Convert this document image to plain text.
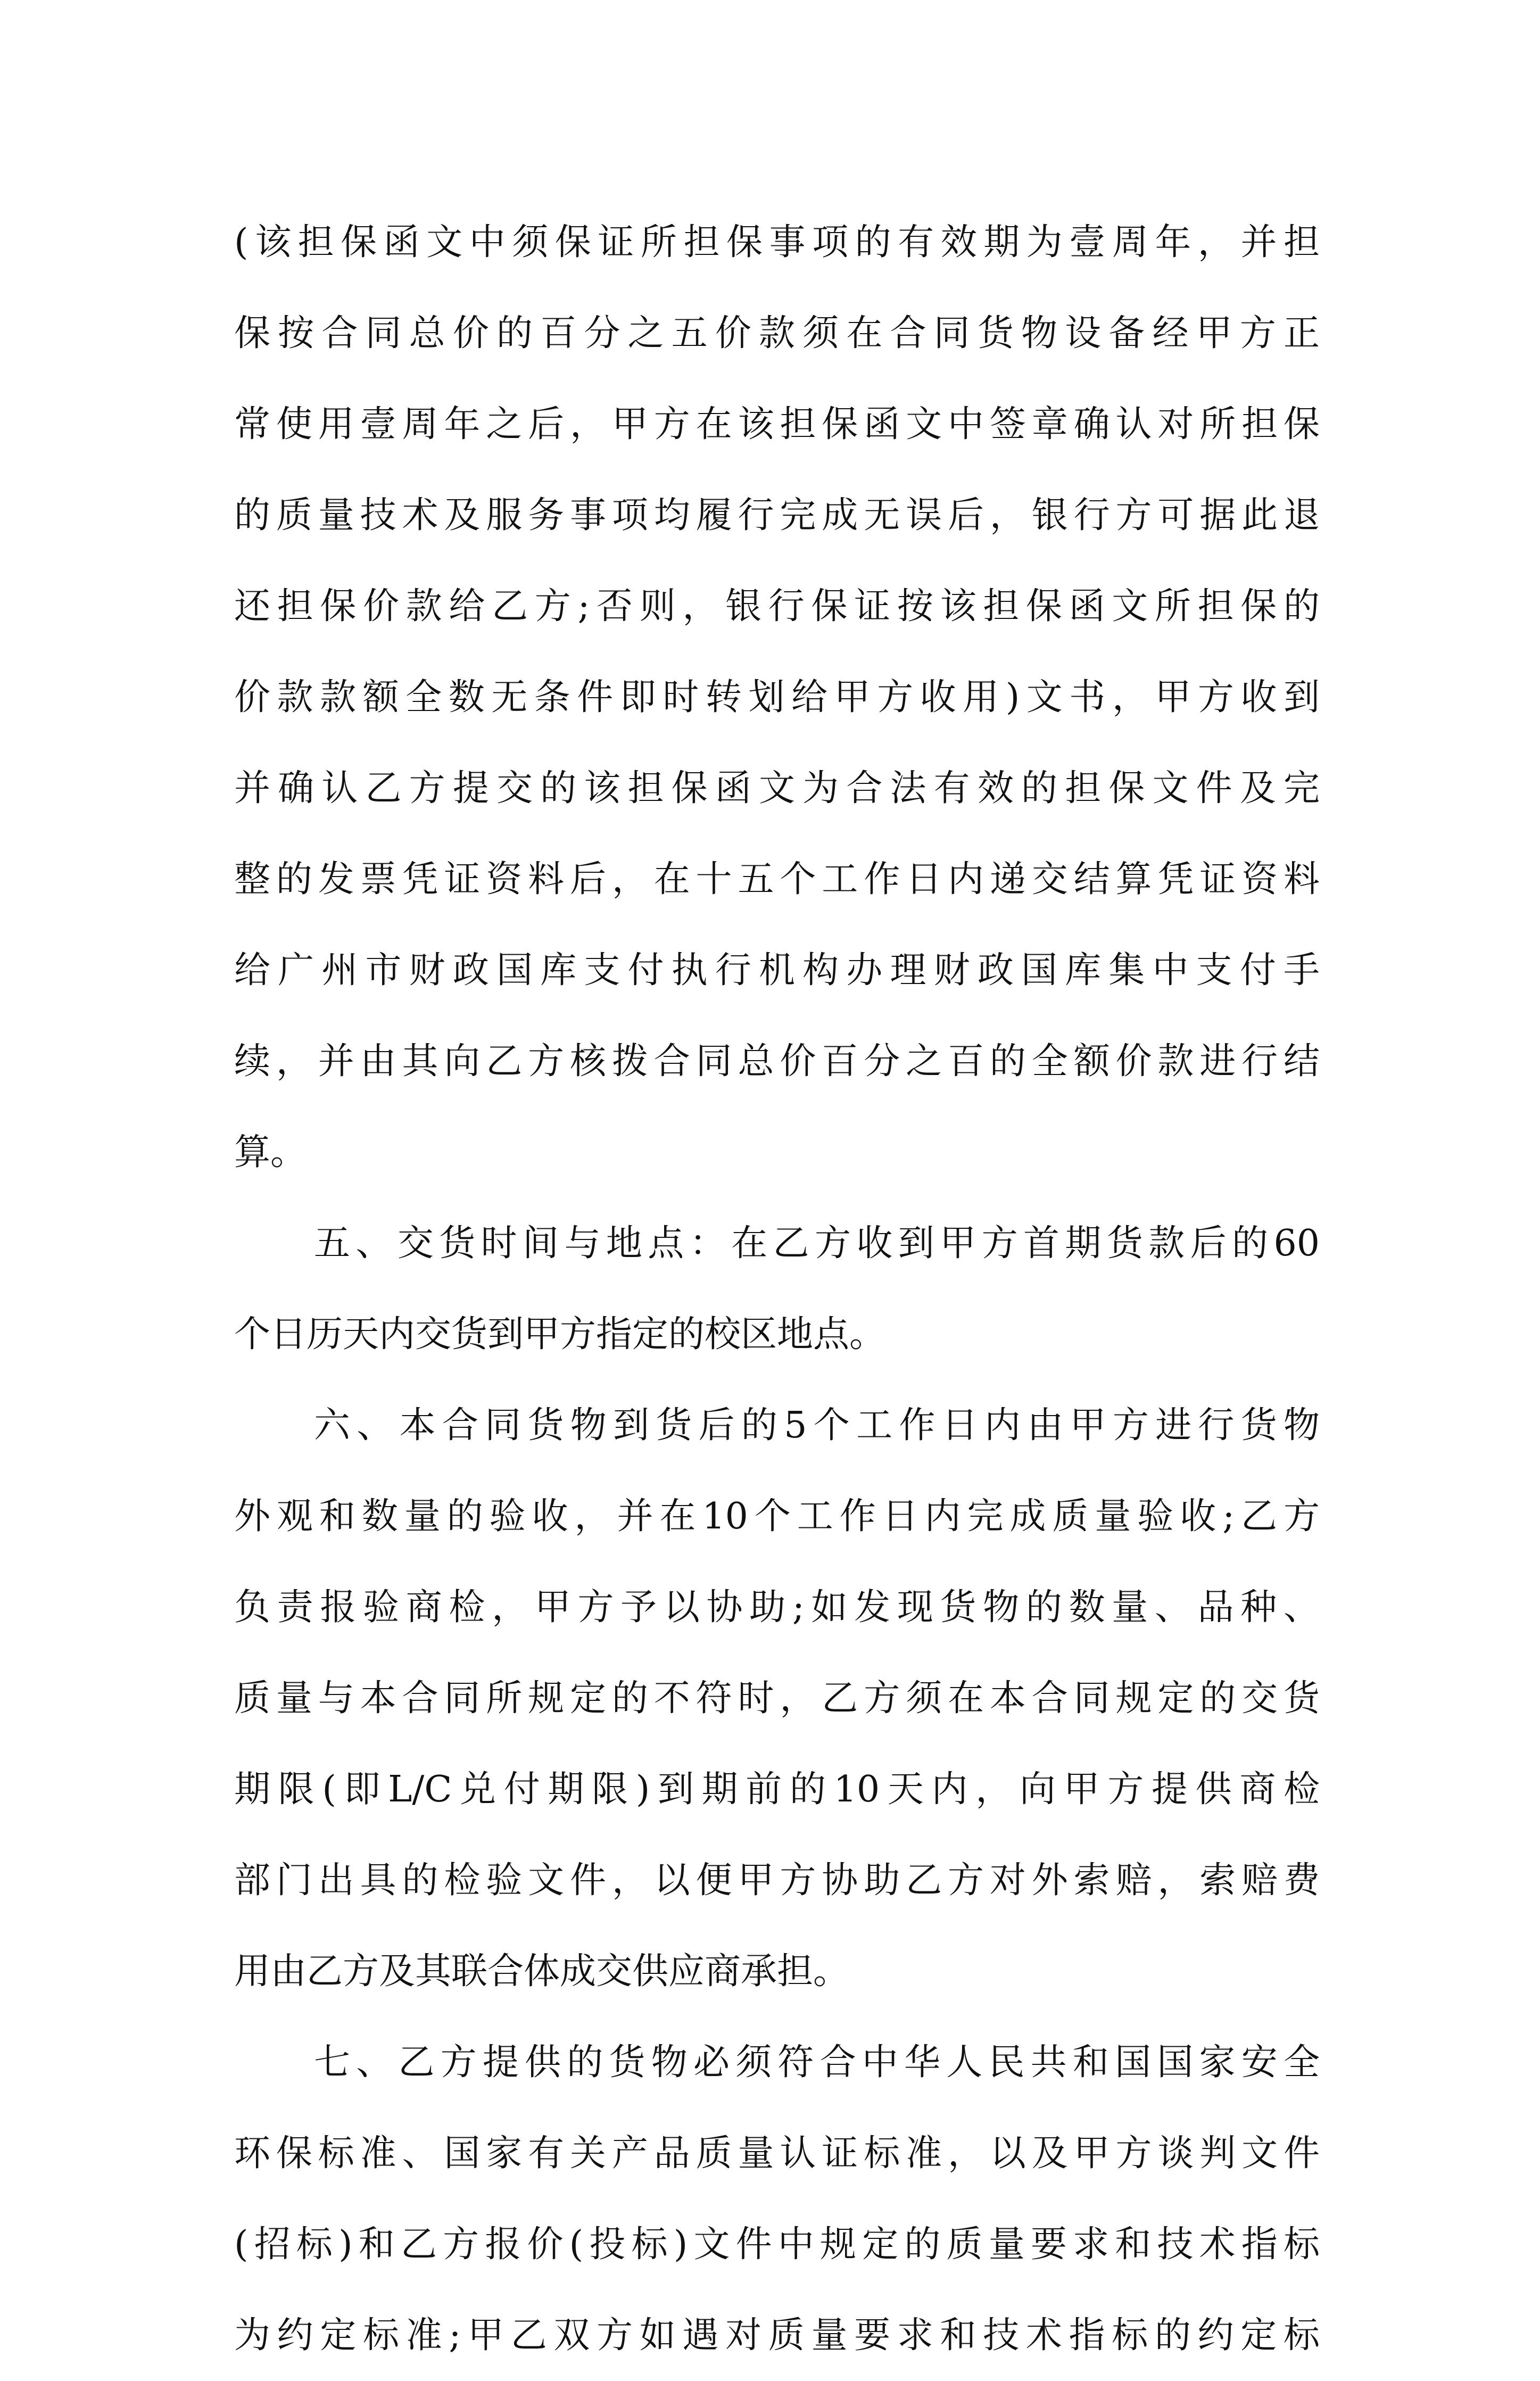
(该担保函文中须保证所担保事项的有效期为壹周年，并担
保按合同总价的百分之五价款须在合同货物设备经甲方正
常使用壹周年之后，甲方在该担保函文中签章确认对所担保
的质量技术及服务事项均履行完成无误后，银行方可据此退
还担保价款给乙方;否则，银行保证按该担保函文所担保的
价款款额全数无条件即时转划给甲方收用)文书，甲方收到
并确认乙方提交的该担保函文为合法有效的担保文件及完
整的发票凭证资料后，在十五个工作日内递交结算凭证资料
给广州市财政国库支付执行机构办理财政国库集中支付手
续，并由其向乙方核拨合同总价百分之百的全额价款进行结
算。
五、交货时间与地点：在乙方收到甲方首期货款后的60
个日历天内交货到甲方指定的校区地点。
六、本合同货物到货后的5个工作日内由甲方进行货物
外观和数量的验收，并在10个工作日内完成质量验收;乙方
负责报验商检，甲方予以协助;如发现货物的数量、品种、
质量与本合同所规定的不符时，乙方须在本合同规定的交货
期限(即L/C兑付期限)到期前的10天内，向甲方提供商检
部门出具的检验文件，以便甲方协助乙方对外索赔，索赔费
用由乙方及其联合体成交供应商承担。
七、乙方提供的货物必须符合中华人民共和国国家安全
环保标准、国家有关产品质量认证标准，以及甲方谈判文件
(招标)和乙方报价(投标)文件中规定的质量要求和技术指标
为约定标准;甲乙双方如遇对质量要求和技术指标的约定标
